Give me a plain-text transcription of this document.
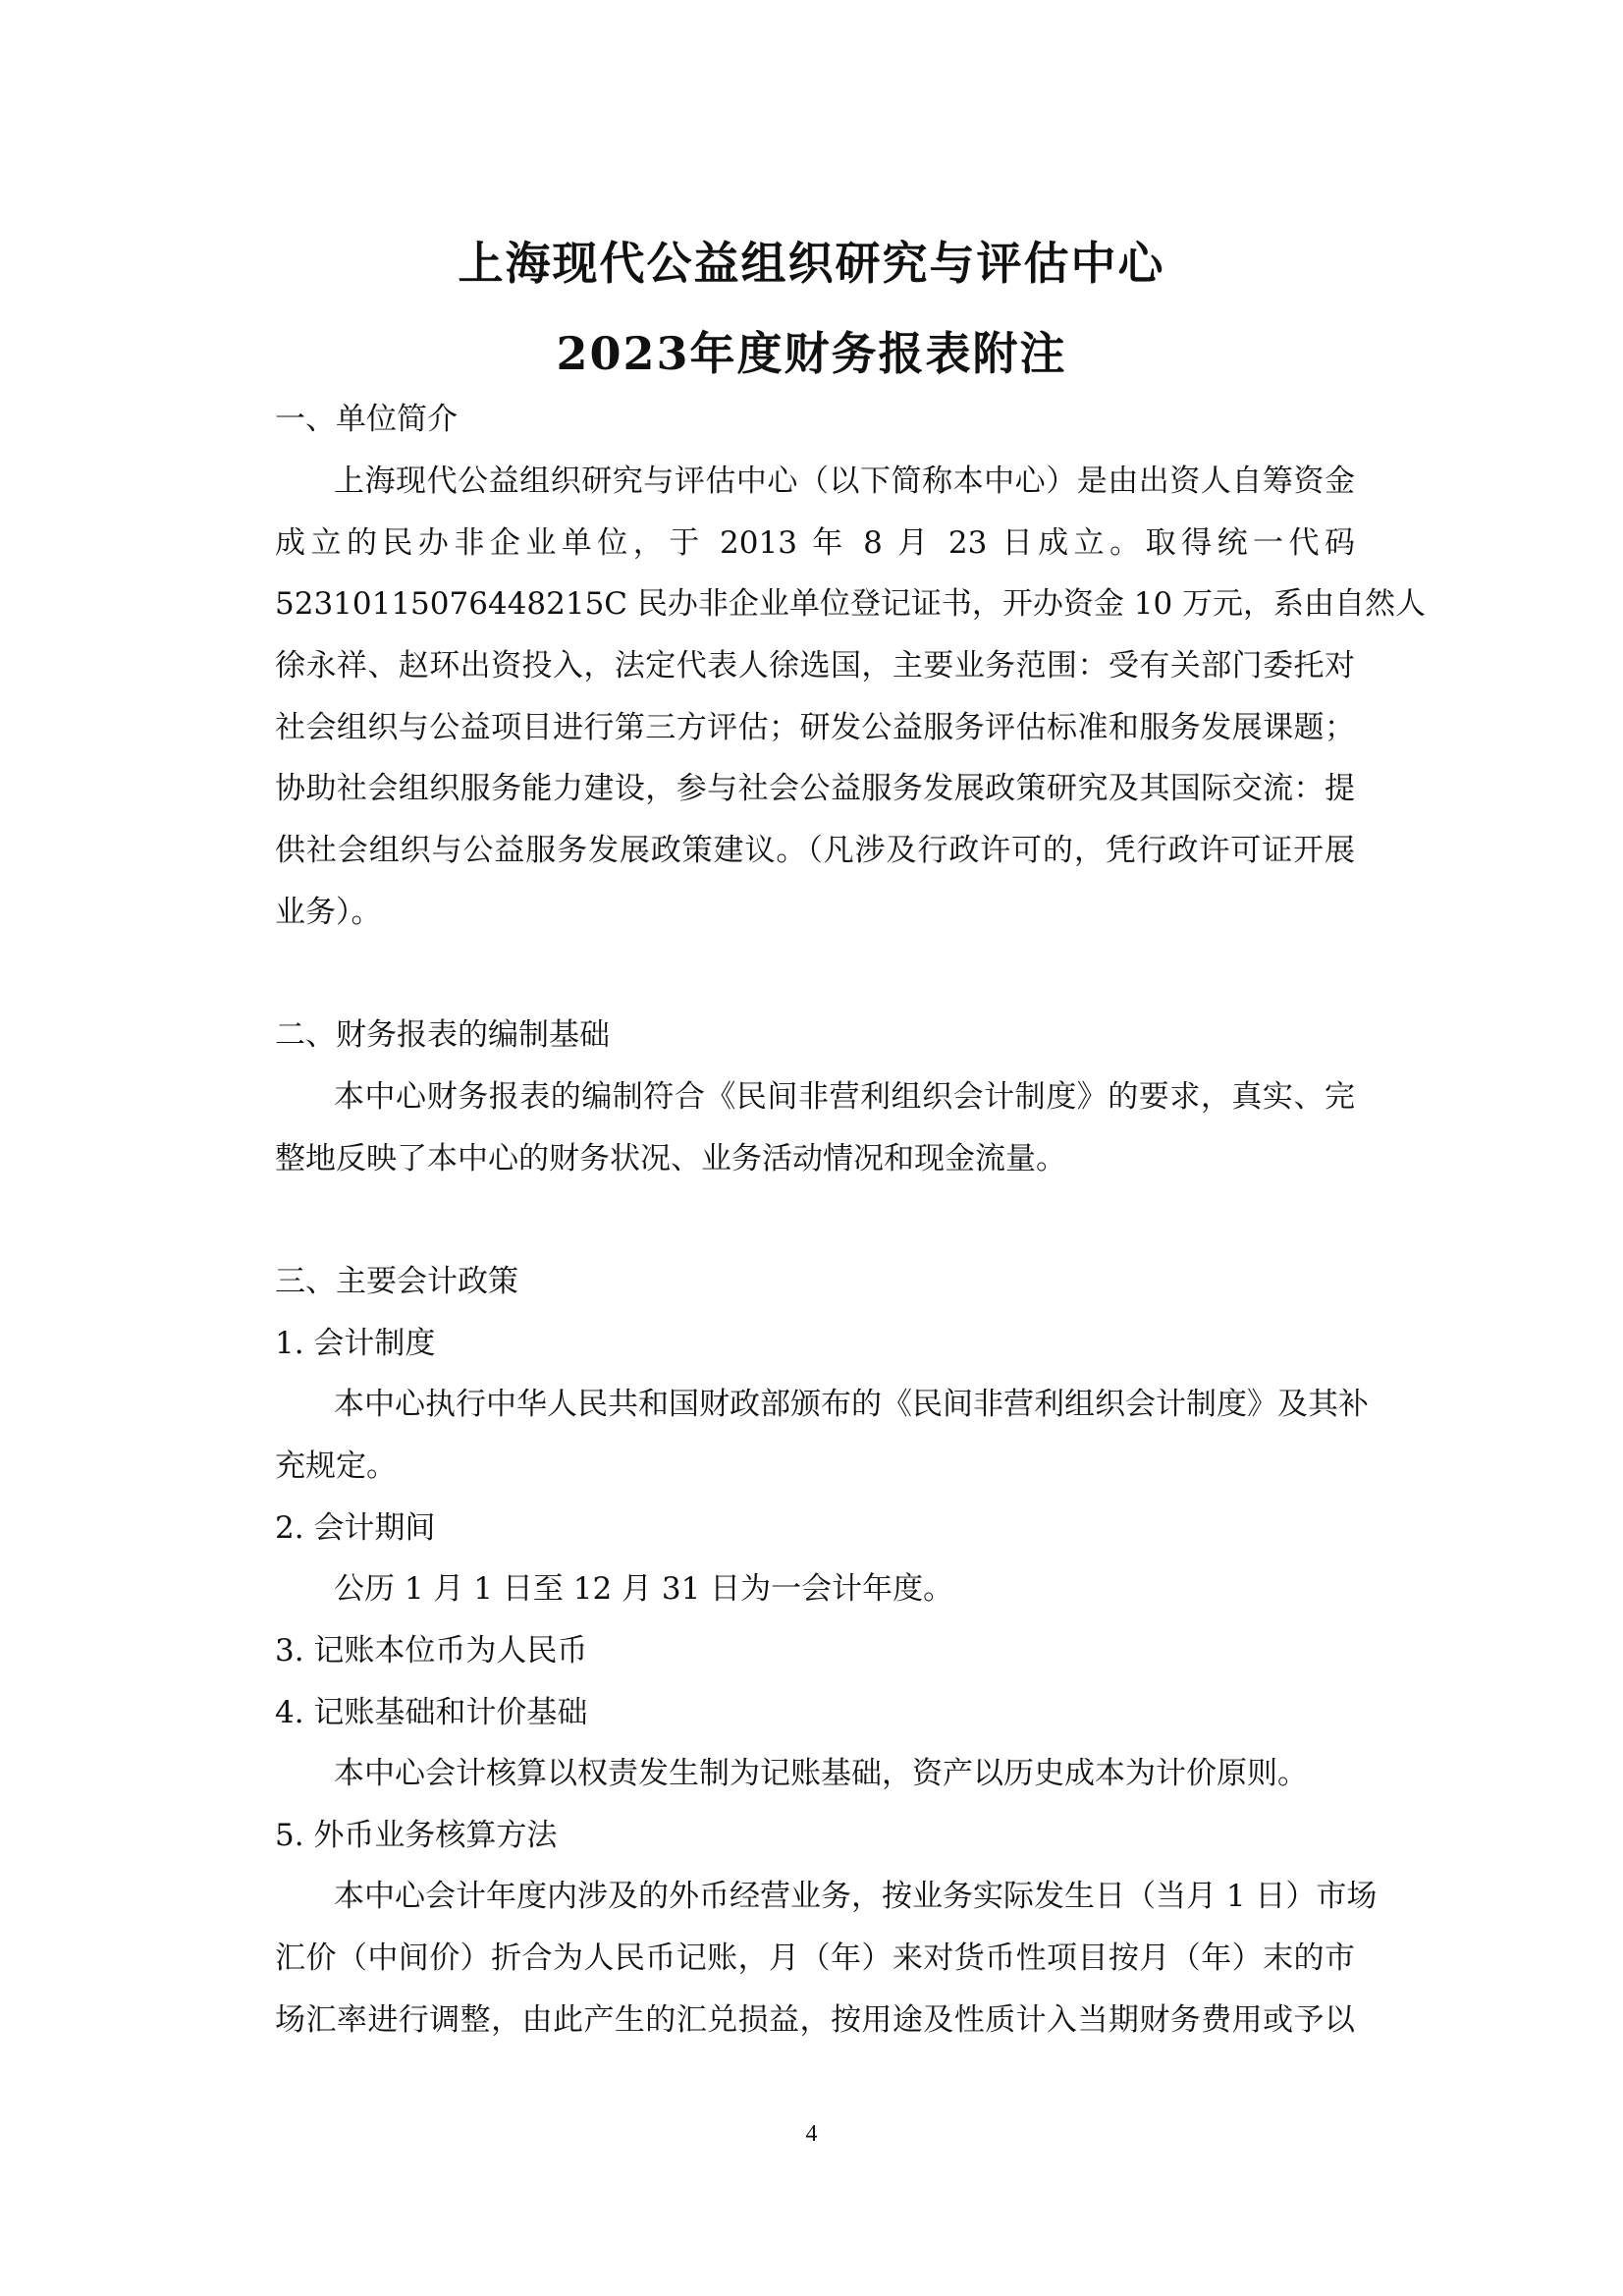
上海现代公益组织研究与评估中心
2023年度财务报表附注
一、单位简介
上海现代公益组织研究与评估中心（以下简称本中心）是由出资人自筹资金
成立的民办非企业单位，于 2013 年 8 月 23 日成立。取得统一代码
52310115076448215C 民办非企业单位登记证书，开办资金 10 万元，系由自然人
徐永祥、赵环出资投入，法定代表人徐选国，主要业务范围：受有关部门委托对
社会组织与公益项目进行第三方评估；研发公益服务评估标准和服务发展课题；
协助社会组织服务能力建设，参与社会公益服务发展政策研究及其国际交流：提
供社会组织与公益服务发展政策建议。（凡涉及行政许可的，凭行政许可证开展
业务）。
二、财务报表的编制基础
本中心财务报表的编制符合《民间非营利组织会计制度》的要求，真实、完
整地反映了本中心的财务状况、业务活动情况和现金流量。
三、主要会计政策
1. 会计制度
本中心执行中华人民共和国财政部颁布的《民间非营利组织会计制度》及其补
充规定。
2. 会计期间
公历 1 月 1 日至 12 月 31 日为一会计年度。
3. 记账本位币为人民币
4. 记账基础和计价基础
本中心会计核算以权责发生制为记账基础，资产以历史成本为计价原则。
5. 外币业务核算方法
本中心会计年度内涉及的外币经营业务，按业务实际发生日（当月 1 日）市场
汇价（中间价）折合为人民币记账，月（年）来对货币性项目按月（年）末的市
场汇率进行调整，由此产生的汇兑损益，按用途及性质计入当期财务费用或予以
4
